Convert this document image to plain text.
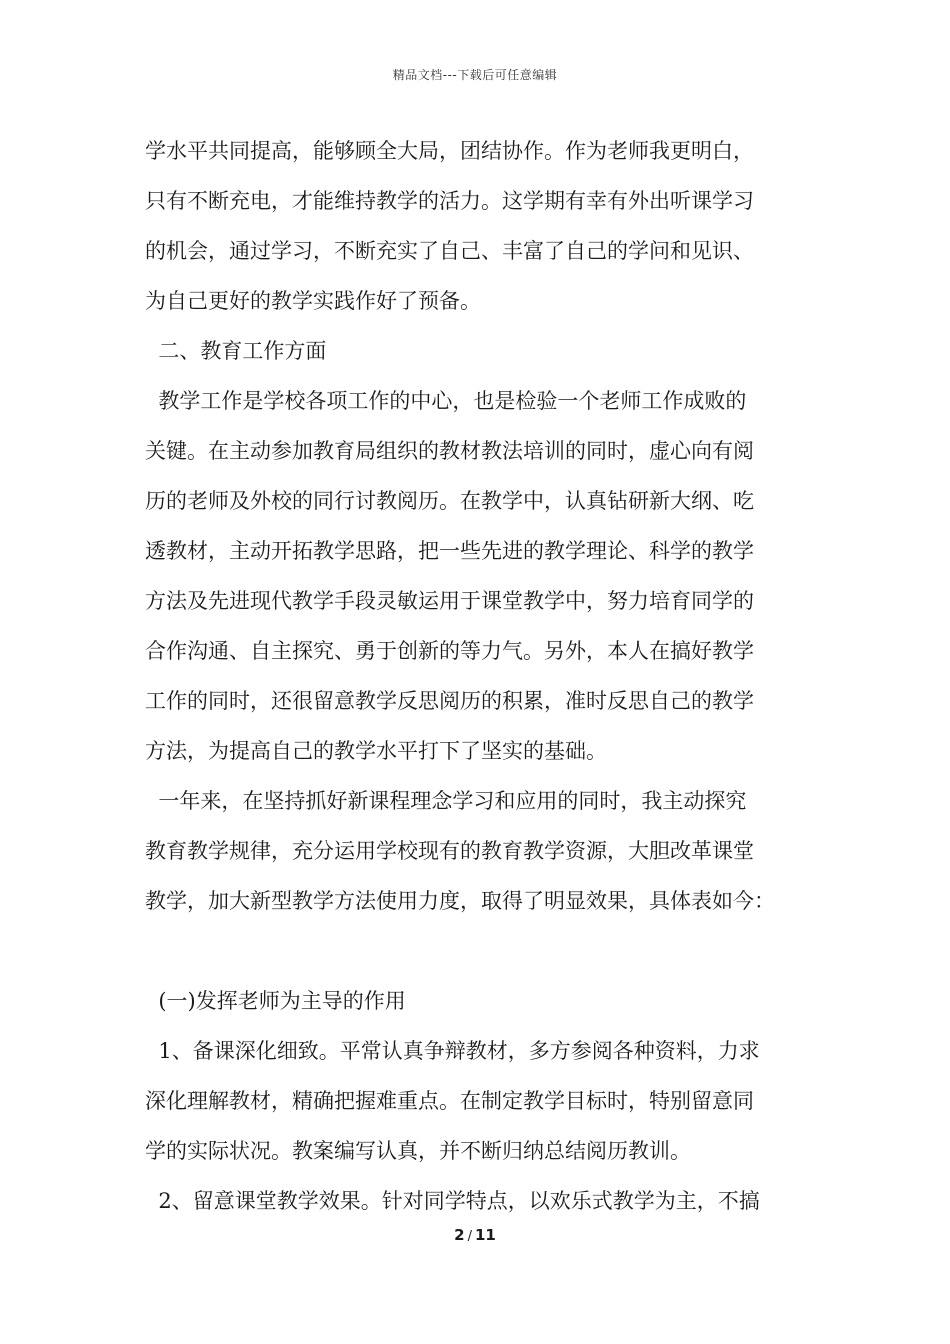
精品文档---下载后可任意编辑
学水平共同提高，能够顾全大局，团结协作。作为老师我更明白，
只有不断充电，才能维持教学的活力。这学期有幸有外出听课学习
的机会，通过学习，不断充实了自己、丰富了自己的学问和见识、
为自己更好的教学实践作好了预备。
二、教育工作方面
教学工作是学校各项工作的中心，也是检验一个老师工作成败的
关键。在主动参加教育局组织的教材教法培训的同时，虚心向有阅
历的老师及外校的同行讨教阅历。在教学中，认真钻研新大纲、吃
透教材，主动开拓教学思路，把一些先进的教学理论、科学的教学
方法及先进现代教学手段灵敏运用于课堂教学中，努力培育同学的
合作沟通、自主探究、勇于创新的等力气。另外，本人在搞好教学
工作的同时，还很留意教学反思阅历的积累，准时反思自己的教学
方法，为提高自己的教学水平打下了坚实的基础。
一年来，在坚持抓好新课程理念学习和应用的同时，我主动探究
教育教学规律，充分运用学校现有的教育教学资源，大胆改革课堂
教学，加大新型教学方法使用力度，取得了明显效果，具体表如今：
(一)发挥老师为主导的作用
1、备课深化细致。平常认真争辩教材，多方参阅各种资料，力求
深化理解教材，精确把握难重点。在制定教学目标时，特别留意同
学的实际状况。教案编写认真，并不断归纳总结阅历教训。
2、留意课堂教学效果。针对同学特点，以欢乐式教学为主，不搞
2 / 11
